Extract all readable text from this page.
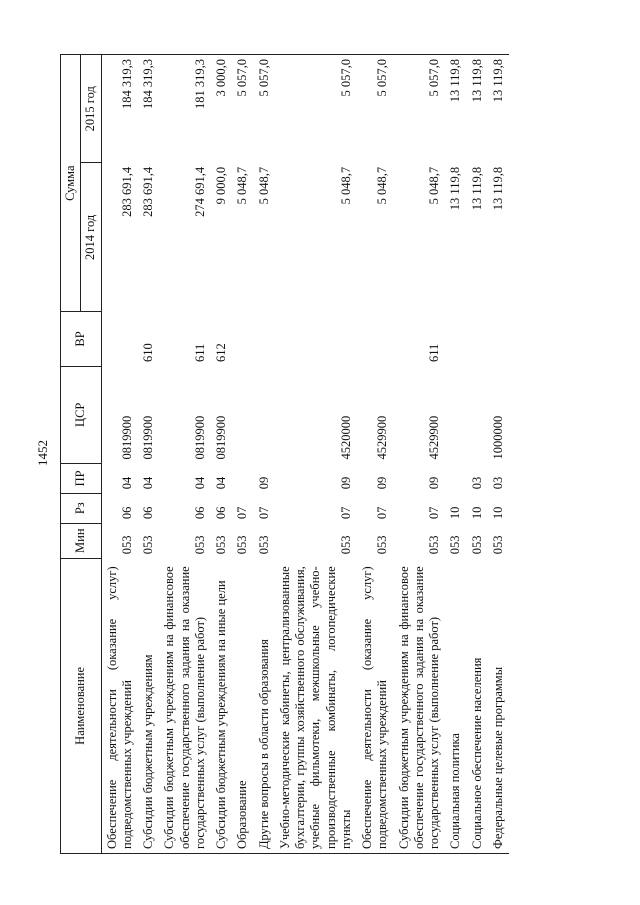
1452
Наименование	Мин	Рз	ПР	ЦСР	ВР	Сумма	
						2014 год	2015 год
Обеспечение деятельности (оказание услуг) подведомственных учреждений	053	06	04	0819900		283 691,4	184 319,3
Субсидии бюджетным учреждениям	053	06	04	0819900	610	283 691,4	184 319,3
Субсидии бюджетным учреждениям на финансовое обеспечение государственного задания на оказание государственных услуг (выполнение работ)	053	06	04	0819900	611	274 691,4	181 319,3
Субсидии бюджетным учреждениям на иные цели	053	06	04	0819900	612	9 000,0	3 000,0
Образование	053	07				5 048,7	5 057,0
Другие вопросы в области образования	053	07	09			5 048,7	5 057,0
Учебно-методические кабинеты, централизованные бухгалтерии, группы хозяйственного обслуживания, учебные фильмотеки, межшкольные учебно-производственные комбинаты, логопедические пункты	053	07	09	4520000		5 048,7	5 057,0
Обеспечение деятельности (оказание услуг) подведомственных учреждений	053	07	09	4529900		5 048,7	5 057,0
Субсидии бюджетным учреждениям на финансовое обеспечение государственного задания на оказание государственных услуг (выполнение работ)	053	07	09	4529900	611	5 048,7	5 057,0
Социальная политика	053	10				13 119,8	13 119,8
Социальное обеспечение населения	053	10	03			13 119,8	13 119,8
Федеральные целевые программы	053	10	03	1000000		13 119,8	13 119,8
